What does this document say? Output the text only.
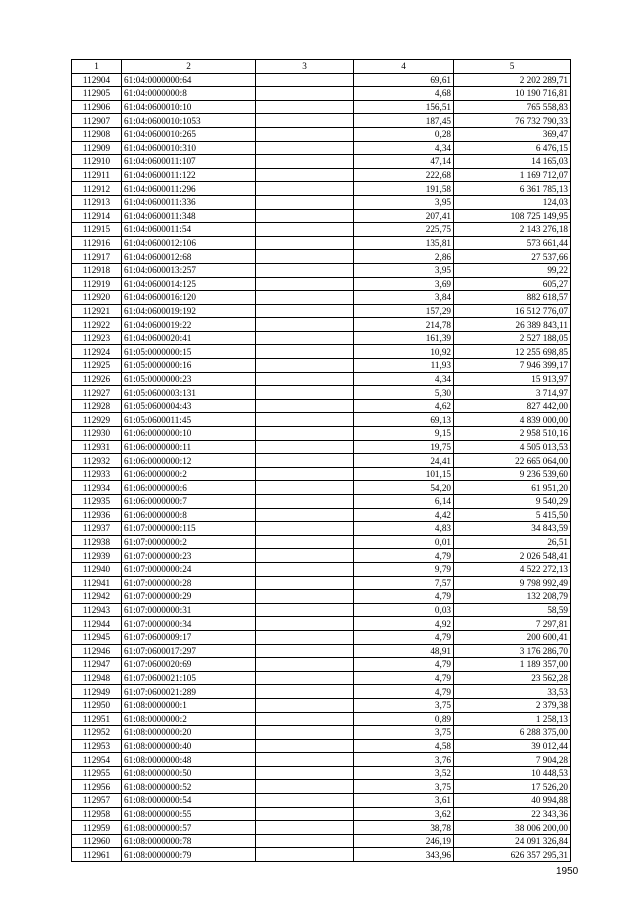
1	2	3	4	5
112904	61:04:0000000:64		69,61	2 202 289,71
112905	61:04:0000000:8		4,68	10 190 716,81
112906	61:04:0600010:10		156,51	765 558,83
112907	61:04:0600010:1053		187,45	76 732 790,33
112908	61:04:0600010:265		0,28	369,47
112909	61:04:0600010:310		4,34	6 476,15
112910	61:04:0600011:107		47,14	14 165,03
112911	61:04:0600011:122		222,68	1 169 712,07
112912	61:04:0600011:296		191,58	6 361 785,13
112913	61:04:0600011:336		3,95	124,03
112914	61:04:0600011:348		207,41	108 725 149,95
112915	61:04:0600011:54		225,75	2 143 276,18
112916	61:04:0600012:106		135,81	573 661,44
112917	61:04:0600012:68		2,86	27 537,66
112918	61:04:0600013:257		3,95	99,22
112919	61:04:0600014:125		3,69	605,27
112920	61:04:0600016:120		3,84	882 618,57
112921	61:04:0600019:192		157,29	16 512 776,07
112922	61:04:0600019:22		214,78	26 389 843,11
112923	61:04:0600020:41		161,39	2 527 188,05
112924	61:05:0000000:15		10,92	12 255 698,85
112925	61:05:0000000:16		11,93	7 946 399,17
112926	61:05:0000000:23		4,34	15 913,97
112927	61:05:0600003:131		5,30	3 714,97
112928	61:05:0600004:43		4,62	827 442,00
112929	61:05:0600011:45		69,13	4 839 000,00
112930	61:06:0000000:10		9,15	2 958 510,16
112931	61:06:0000000:11		19,75	4 505 013,53
112932	61:06:0000000:12		24,41	22 665 064,00
112933	61:06:0000000:2		101,15	9 236 539,60
112934	61:06:0000000:6		54,20	61 951,20
112935	61:06:0000000:7		6,14	9 540,29
112936	61:06:0000000:8		4,42	5 415,50
112937	61:07:0000000:115		4,83	34 843,59
112938	61:07:0000000:2		0,01	26,51
112939	61:07:0000000:23		4,79	2 026 548,41
112940	61:07:0000000:24		9,79	4 522 272,13
112941	61:07:0000000:28		7,57	9 798 992,49
112942	61:07:0000000:29		4,79	132 208,79
112943	61:07:0000000:31		0,03	58,59
112944	61:07:0000000:34		4,92	7 297,81
112945	61:07:0600009:17		4,79	200 600,41
112946	61:07:0600017:297		48,91	3 176 286,70
112947	61:07:0600020:69		4,79	1 189 357,00
112948	61:07:0600021:105		4,79	23 562,28
112949	61:07:0600021:289		4,79	33,53
112950	61:08:0000000:1		3,75	2 379,38
112951	61:08:0000000:2		0,89	1 258,13
112952	61:08:0000000:20		3,75	6 288 375,00
112953	61:08:0000000:40		4,58	39 012,44
112954	61:08:0000000:48		3,76	7 904,28
112955	61:08:0000000:50		3,52	10 448,53
112956	61:08:0000000:52		3,75	17 526,20
112957	61:08:0000000:54		3,61	40 994,88
112958	61:08:0000000:55		3,62	22 343,36
112959	61:08:0000000:57		38,78	38 006 200,00
112960	61:08:0000000:78		246,19	24 091 326,84
112961	61:08:0000000:79		343,96	626 357 295,31
1950
